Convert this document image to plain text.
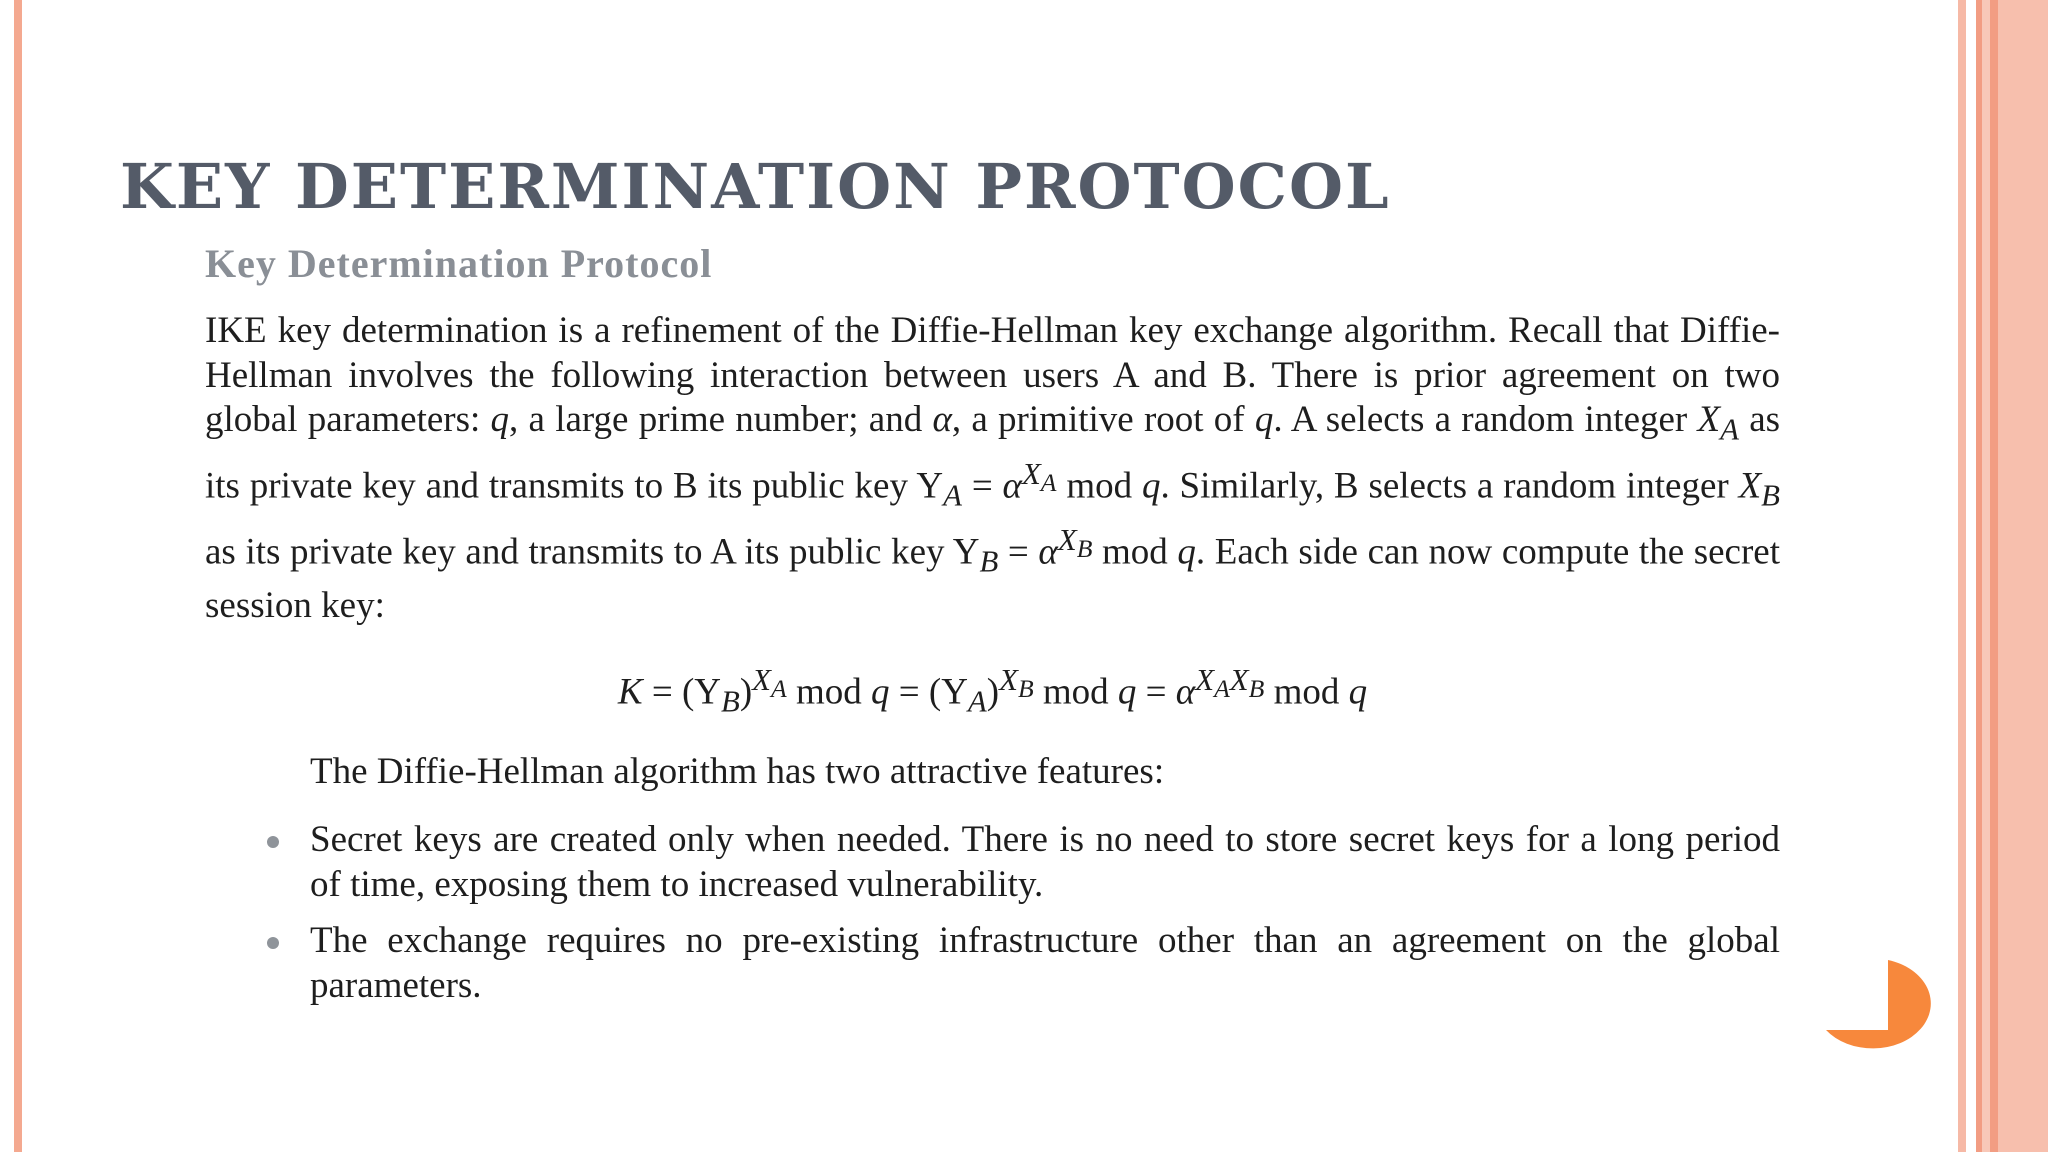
KEY DETERMINATION PROTOCOL

Key Determination Protocol

IKE key determination is a refinement of the Diffie-Hellman key exchange algorithm. Recall that Diffie-Hellman involves the following interaction between users A and B. There is prior agreement on two global parameters: q, a large prime number; and α, a primitive root of q. A selects a random integer $X_A$ as its private key and transmits to B its public key $Y_A = \alpha^{X_A}$ mod q. Similarly, B selects a random integer $X_B$ as its private key and transmits to A its public key $Y_B = \alpha^{X_B}$ mod q. Each side can now compute the secret session key:

$K = (Y_B)^{X_A}$ mod $q = (Y_A)^{X_B}$ mod $q = \alpha^{X_AX_B}$ mod q

The Diffie-Hellman algorithm has two attractive features:

Secret keys are created only when needed. There is no need to store secret keys for a long period of time, exposing them to increased vulnerability.
The exchange requires no pre-existing infrastructure other than an agreement on the global parameters.
